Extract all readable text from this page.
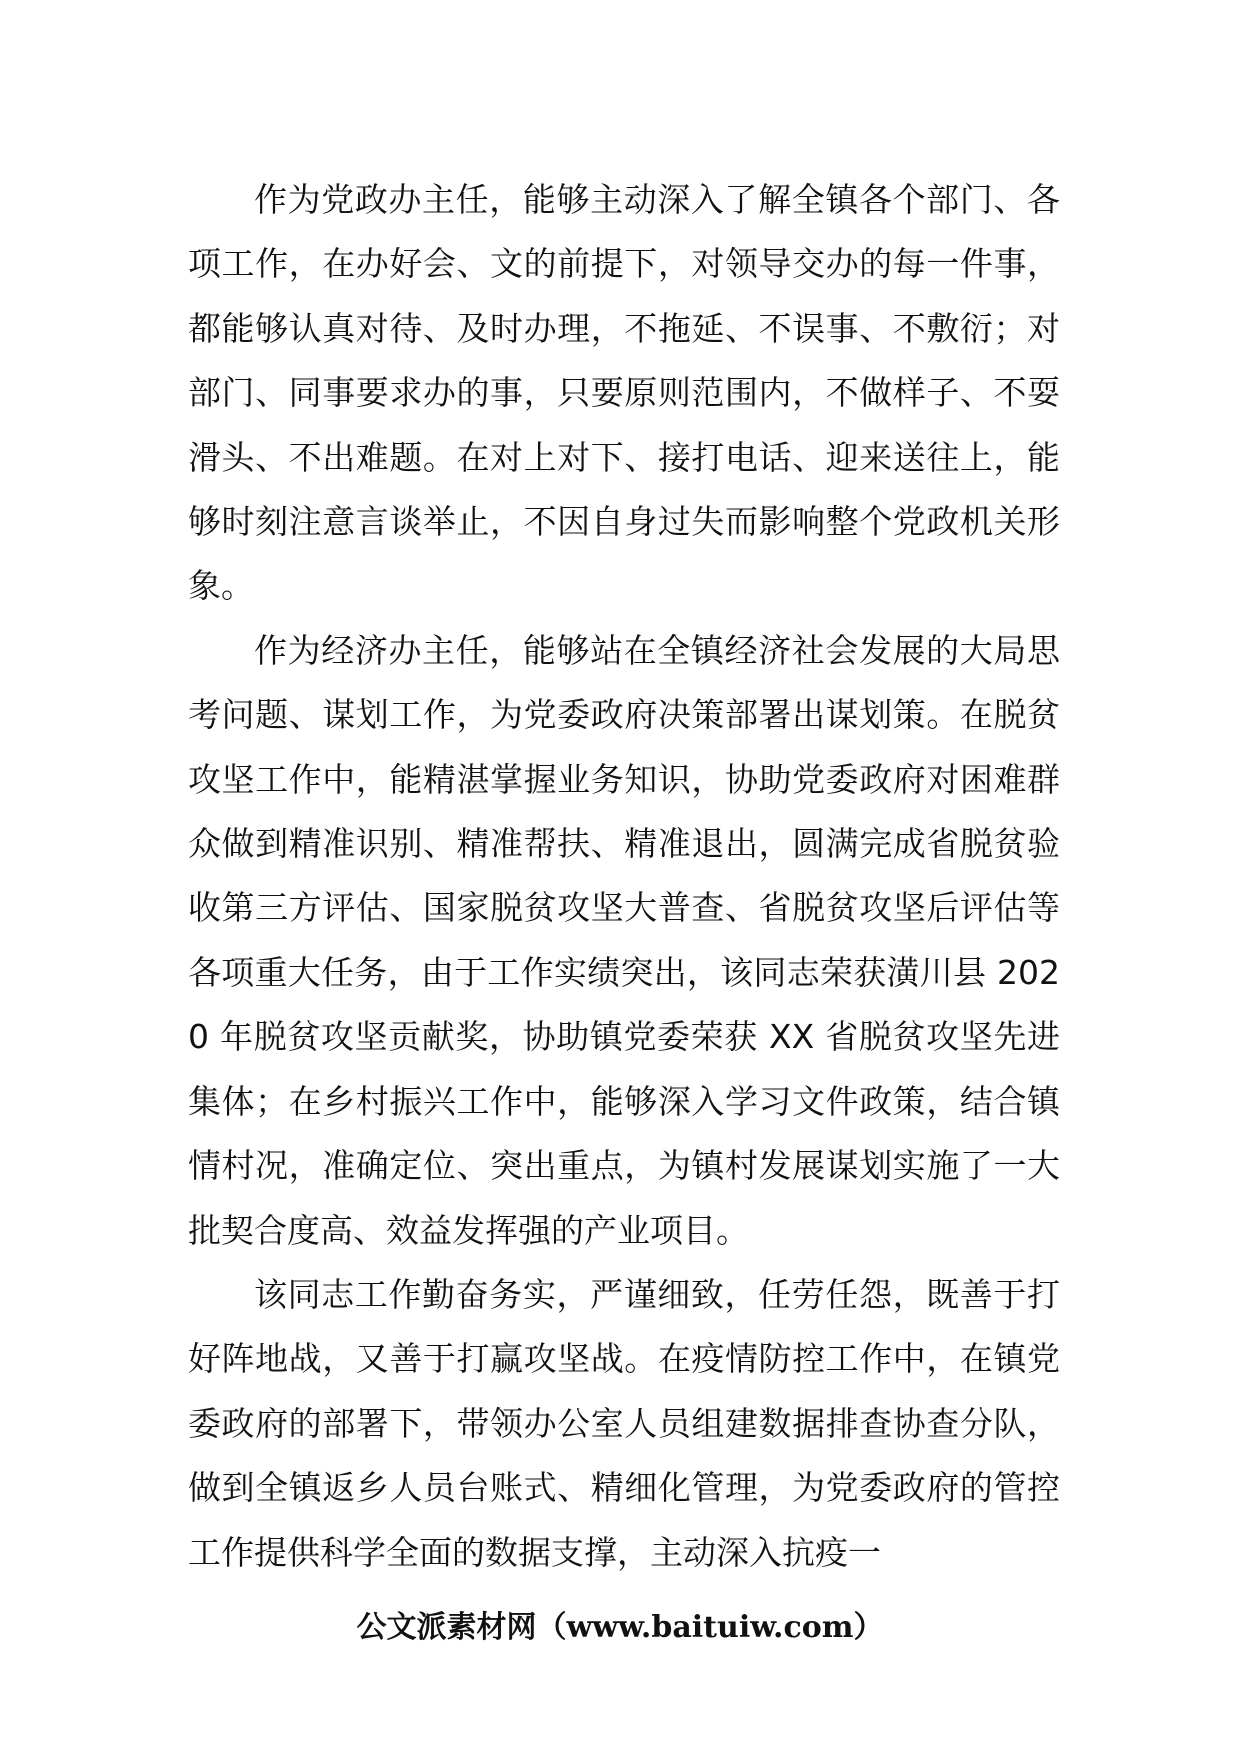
作为党政办主任，能够主动深入了解全镇各个部门、各项工作，在办好会、文的前提下，对领导交办的每一件事，都能够认真对待、及时办理，不拖延、不误事、不敷衍；对部门、同事要求办的事，只要原则范围内，不做样子、不耍滑头、不出难题。在对上对下、接打电话、迎来送往上，能够时刻注意言谈举止，不因自身过失而影响整个党政机关形象。

作为经济办主任，能够站在全镇经济社会发展的大局思考问题、谋划工作，为党委政府决策部署出谋划策。在脱贫攻坚工作中，能精湛掌握业务知识，协助党委政府对困难群众做到精准识别、精准帮扶、精准退出，圆满完成省脱贫验收第三方评估、国家脱贫攻坚大普查、省脱贫攻坚后评估等各项重大任务，由于工作实绩突出，该同志荣获潢川县 2020 年脱贫攻坚贡献奖，协助镇党委荣获 XX 省脱贫攻坚先进集体；在乡村振兴工作中，能够深入学习文件政策，结合镇情村况，准确定位、突出重点，为镇村发展谋划实施了一大批契合度高、效益发挥强的产业项目。

该同志工作勤奋务实，严谨细致，任劳任怨，既善于打好阵地战，又善于打赢攻坚战。在疫情防控工作中，在镇党委政府的部署下，带领办公室人员组建数据排查协查分队，做到全镇返乡人员台账式、精细化管理，为党委政府的管控工作提供科学全面的数据支撑，主动深入抗疫一

公文派素材网（www.baituiw.com）
